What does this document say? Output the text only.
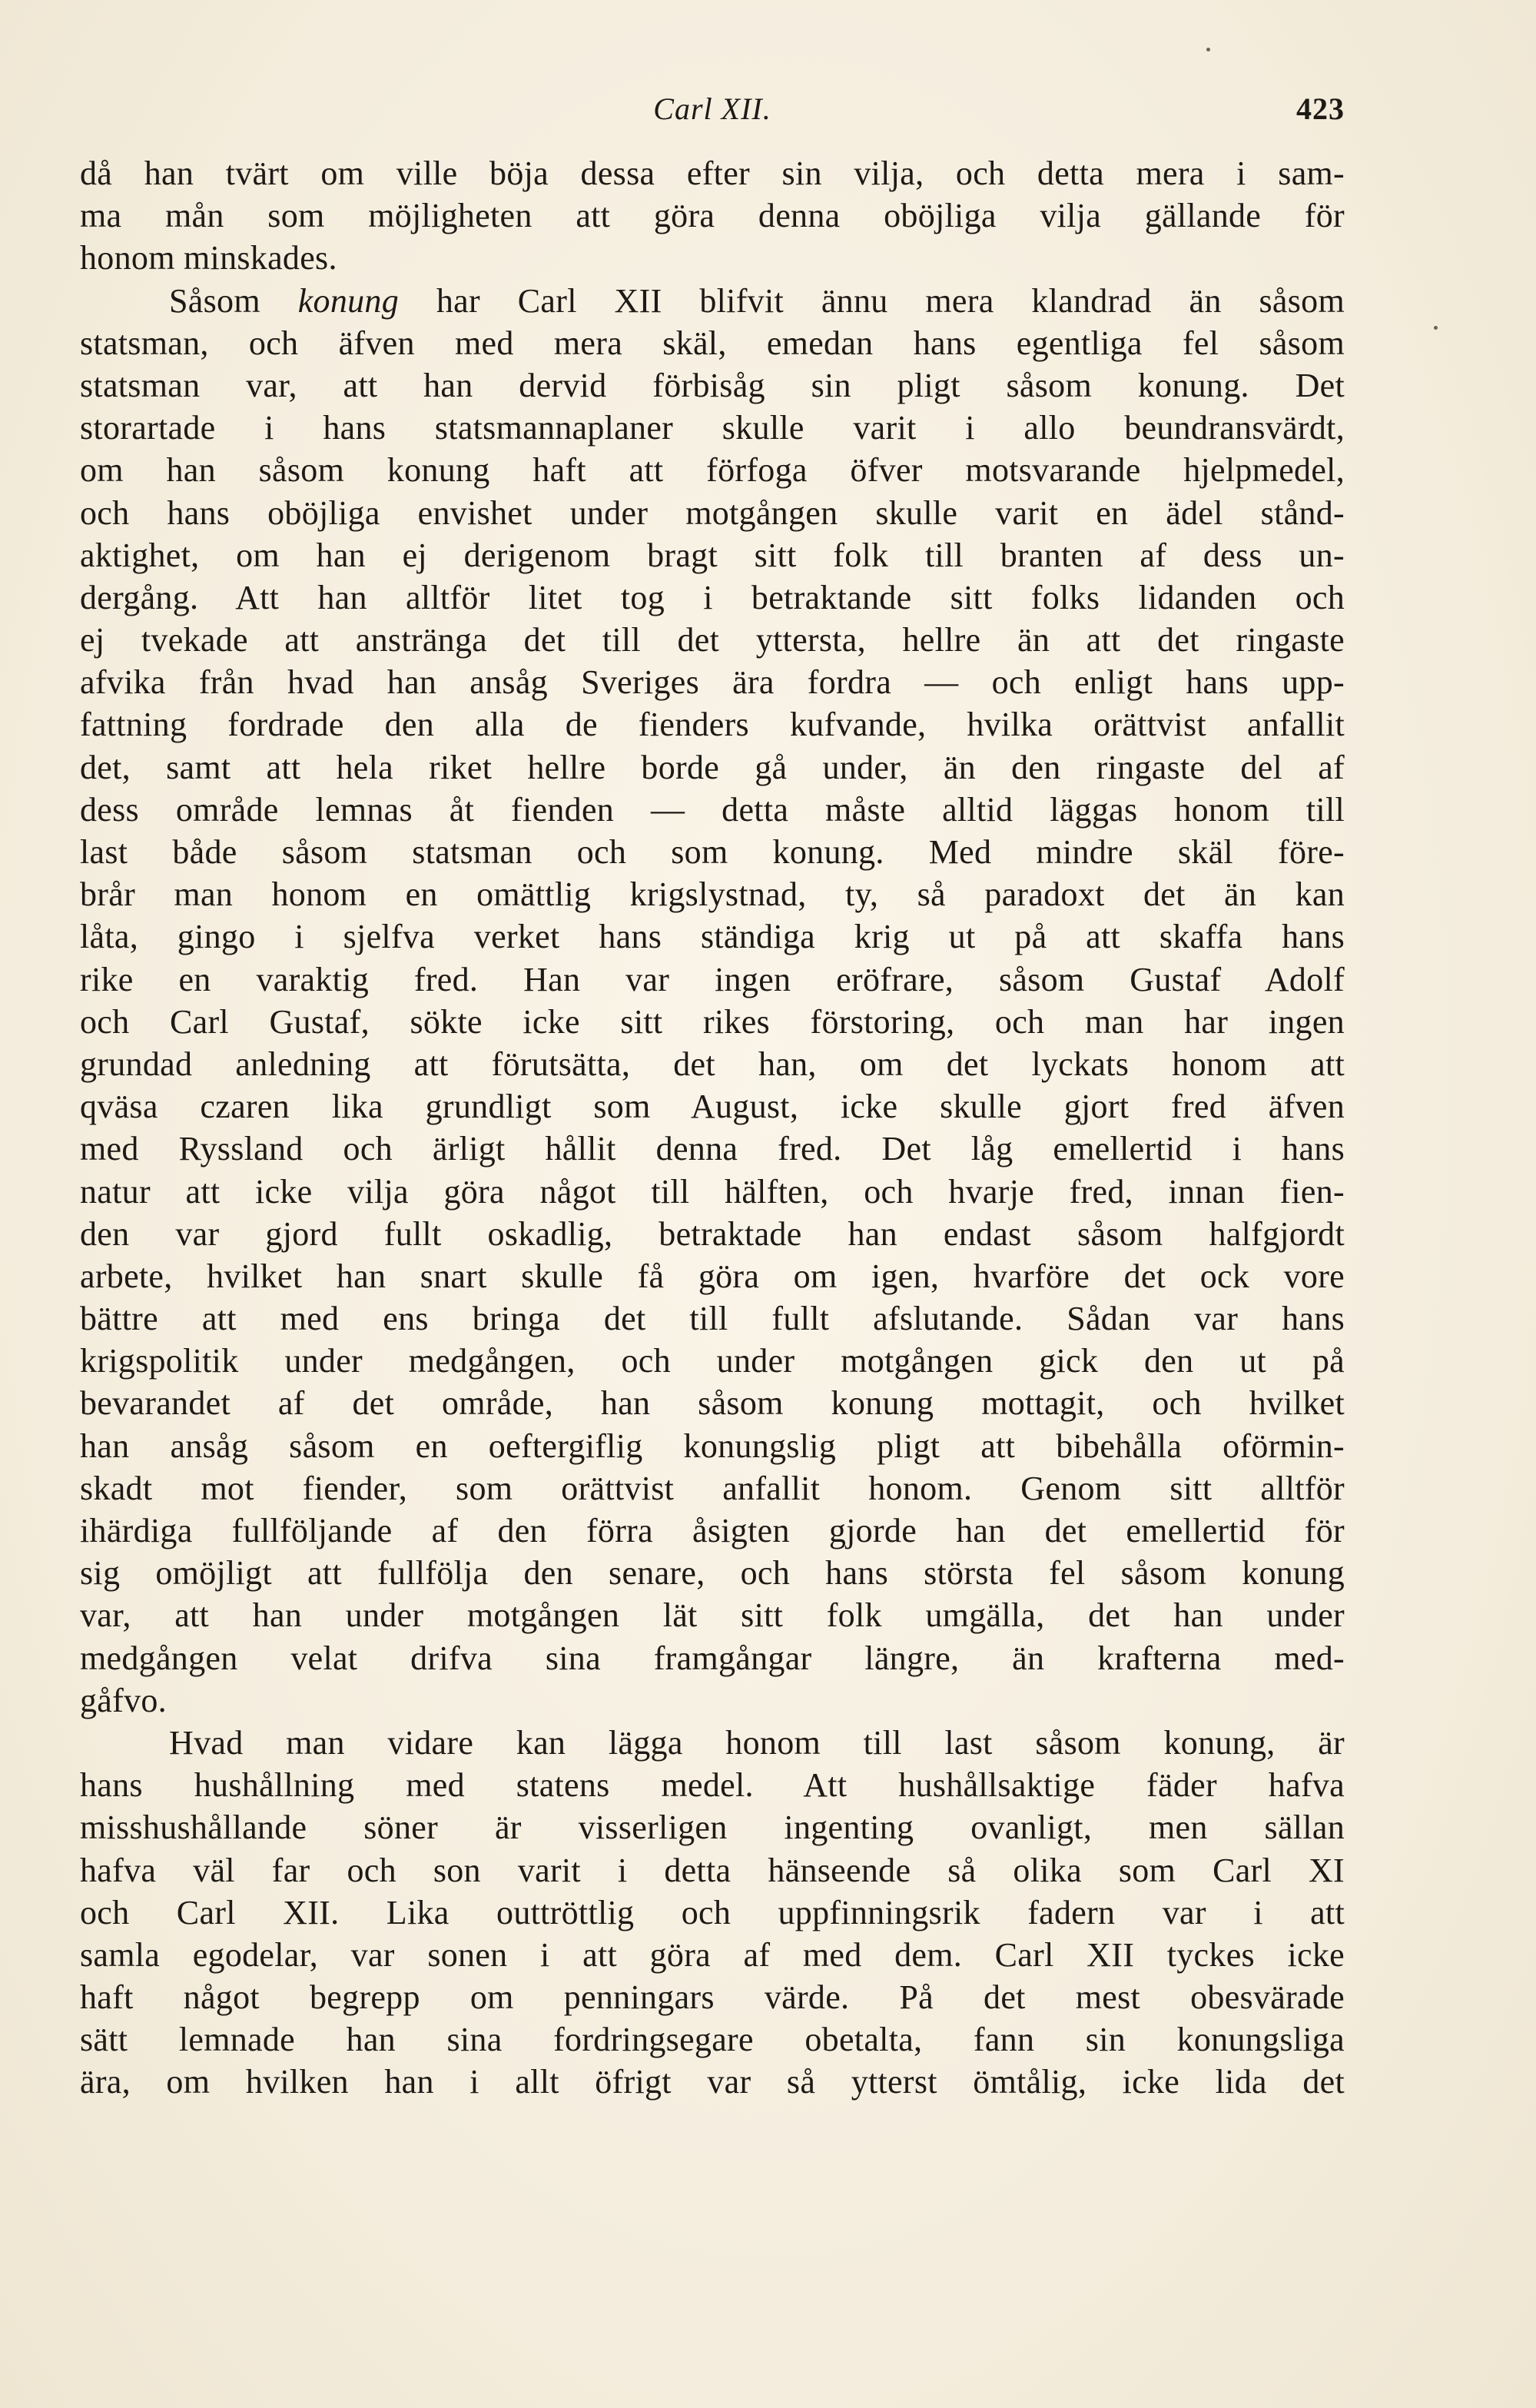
Carl XII.	423
då han tvärt om ville böja dessa efter sin vilja, och detta mera i sam-
ma mån som möjligheten att göra denna oböjliga vilja gällande för
honom minskades.
Såsom konung har Carl XII blifvit ännu mera klandrad än såsom
statsman, och äfven med mera skäl, emedan hans egentliga fel såsom
statsman var, att han dervid förbisåg sin pligt såsom konung. Det
storartade i hans statsmannaplaner skulle varit i allo beundransvärdt,
om han såsom konung haft att förfoga öfver motsvarande hjelpmedel,
och hans oböjliga envishet under motgången skulle varit en ädel stånd-
aktighet, om han ej derigenom bragt sitt folk till branten af dess un-
dergång. Att han alltför litet tog i betraktande sitt folks lidanden och
ej tvekade att anstränga det till det yttersta, hellre än att det ringaste
afvika från hvad han ansåg Sveriges ära fordra — och enligt hans upp-
fattning fordrade den alla de fienders kufvande, hvilka orättvist anfallit
det, samt att hela riket hellre borde gå under, än den ringaste del af
dess område lemnas åt fienden — detta måste alltid läggas honom till
last både såsom statsman och som konung. Med mindre skäl före-
brår man honom en omättlig krigslystnad, ty, så paradoxt det än kan
låta, gingo i sjelfva verket hans ständiga krig ut på att skaffa hans
rike en varaktig fred. Han var ingen eröfrare, såsom Gustaf Adolf
och Carl Gustaf, sökte icke sitt rikes förstoring, och man har ingen
grundad anledning att förutsätta, det han, om det lyckats honom att
qväsa czaren lika grundligt som August, icke skulle gjort fred äfven
med Ryssland och ärligt hållit denna fred. Det låg emellertid i hans
natur att icke vilja göra något till hälften, och hvarje fred, innan fien-
den var gjord fullt oskadlig, betraktade han endast såsom halfgjordt
arbete, hvilket han snart skulle få göra om igen, hvarföre det ock vore
bättre att med ens bringa det till fullt afslutande. Sådan var hans
krigspolitik under medgången, och under motgången gick den ut på
bevarandet af det område, han såsom konung mottagit, och hvilket
han ansåg såsom en oeftergiflig konungslig pligt att bibehålla oförmin-
skadt mot fiender, som orättvist anfallit honom. Genom sitt alltför
ihärdiga fullföljande af den förra åsigten gjorde han det emellertid för
sig omöjligt att fullfölja den senare, och hans största fel såsom konung
var, att han under motgången lät sitt folk umgälla, det han under
medgången velat drifva sina framgångar längre, än krafterna med-
gåfvo.
Hvad man vidare kan lägga honom till last såsom konung, är
hans hushållning med statens medel. Att hushållsaktige fäder hafva
misshushållande söner är visserligen ingenting ovanligt, men sällan
hafva väl far och son varit i detta hänseende så olika som Carl XI
och Carl XII. Lika outtröttlig och uppfinningsrik fadern var i att
samla egodelar, var sonen i att göra af med dem. Carl XII tyckes icke
haft något begrepp om penningars värde. På det mest obesvärade
sätt lemnade han sina fordringsegare obetalta, fann sin konungsliga
ära, om hvilken han i allt öfrigt var så ytterst ömtålig, icke lida det
